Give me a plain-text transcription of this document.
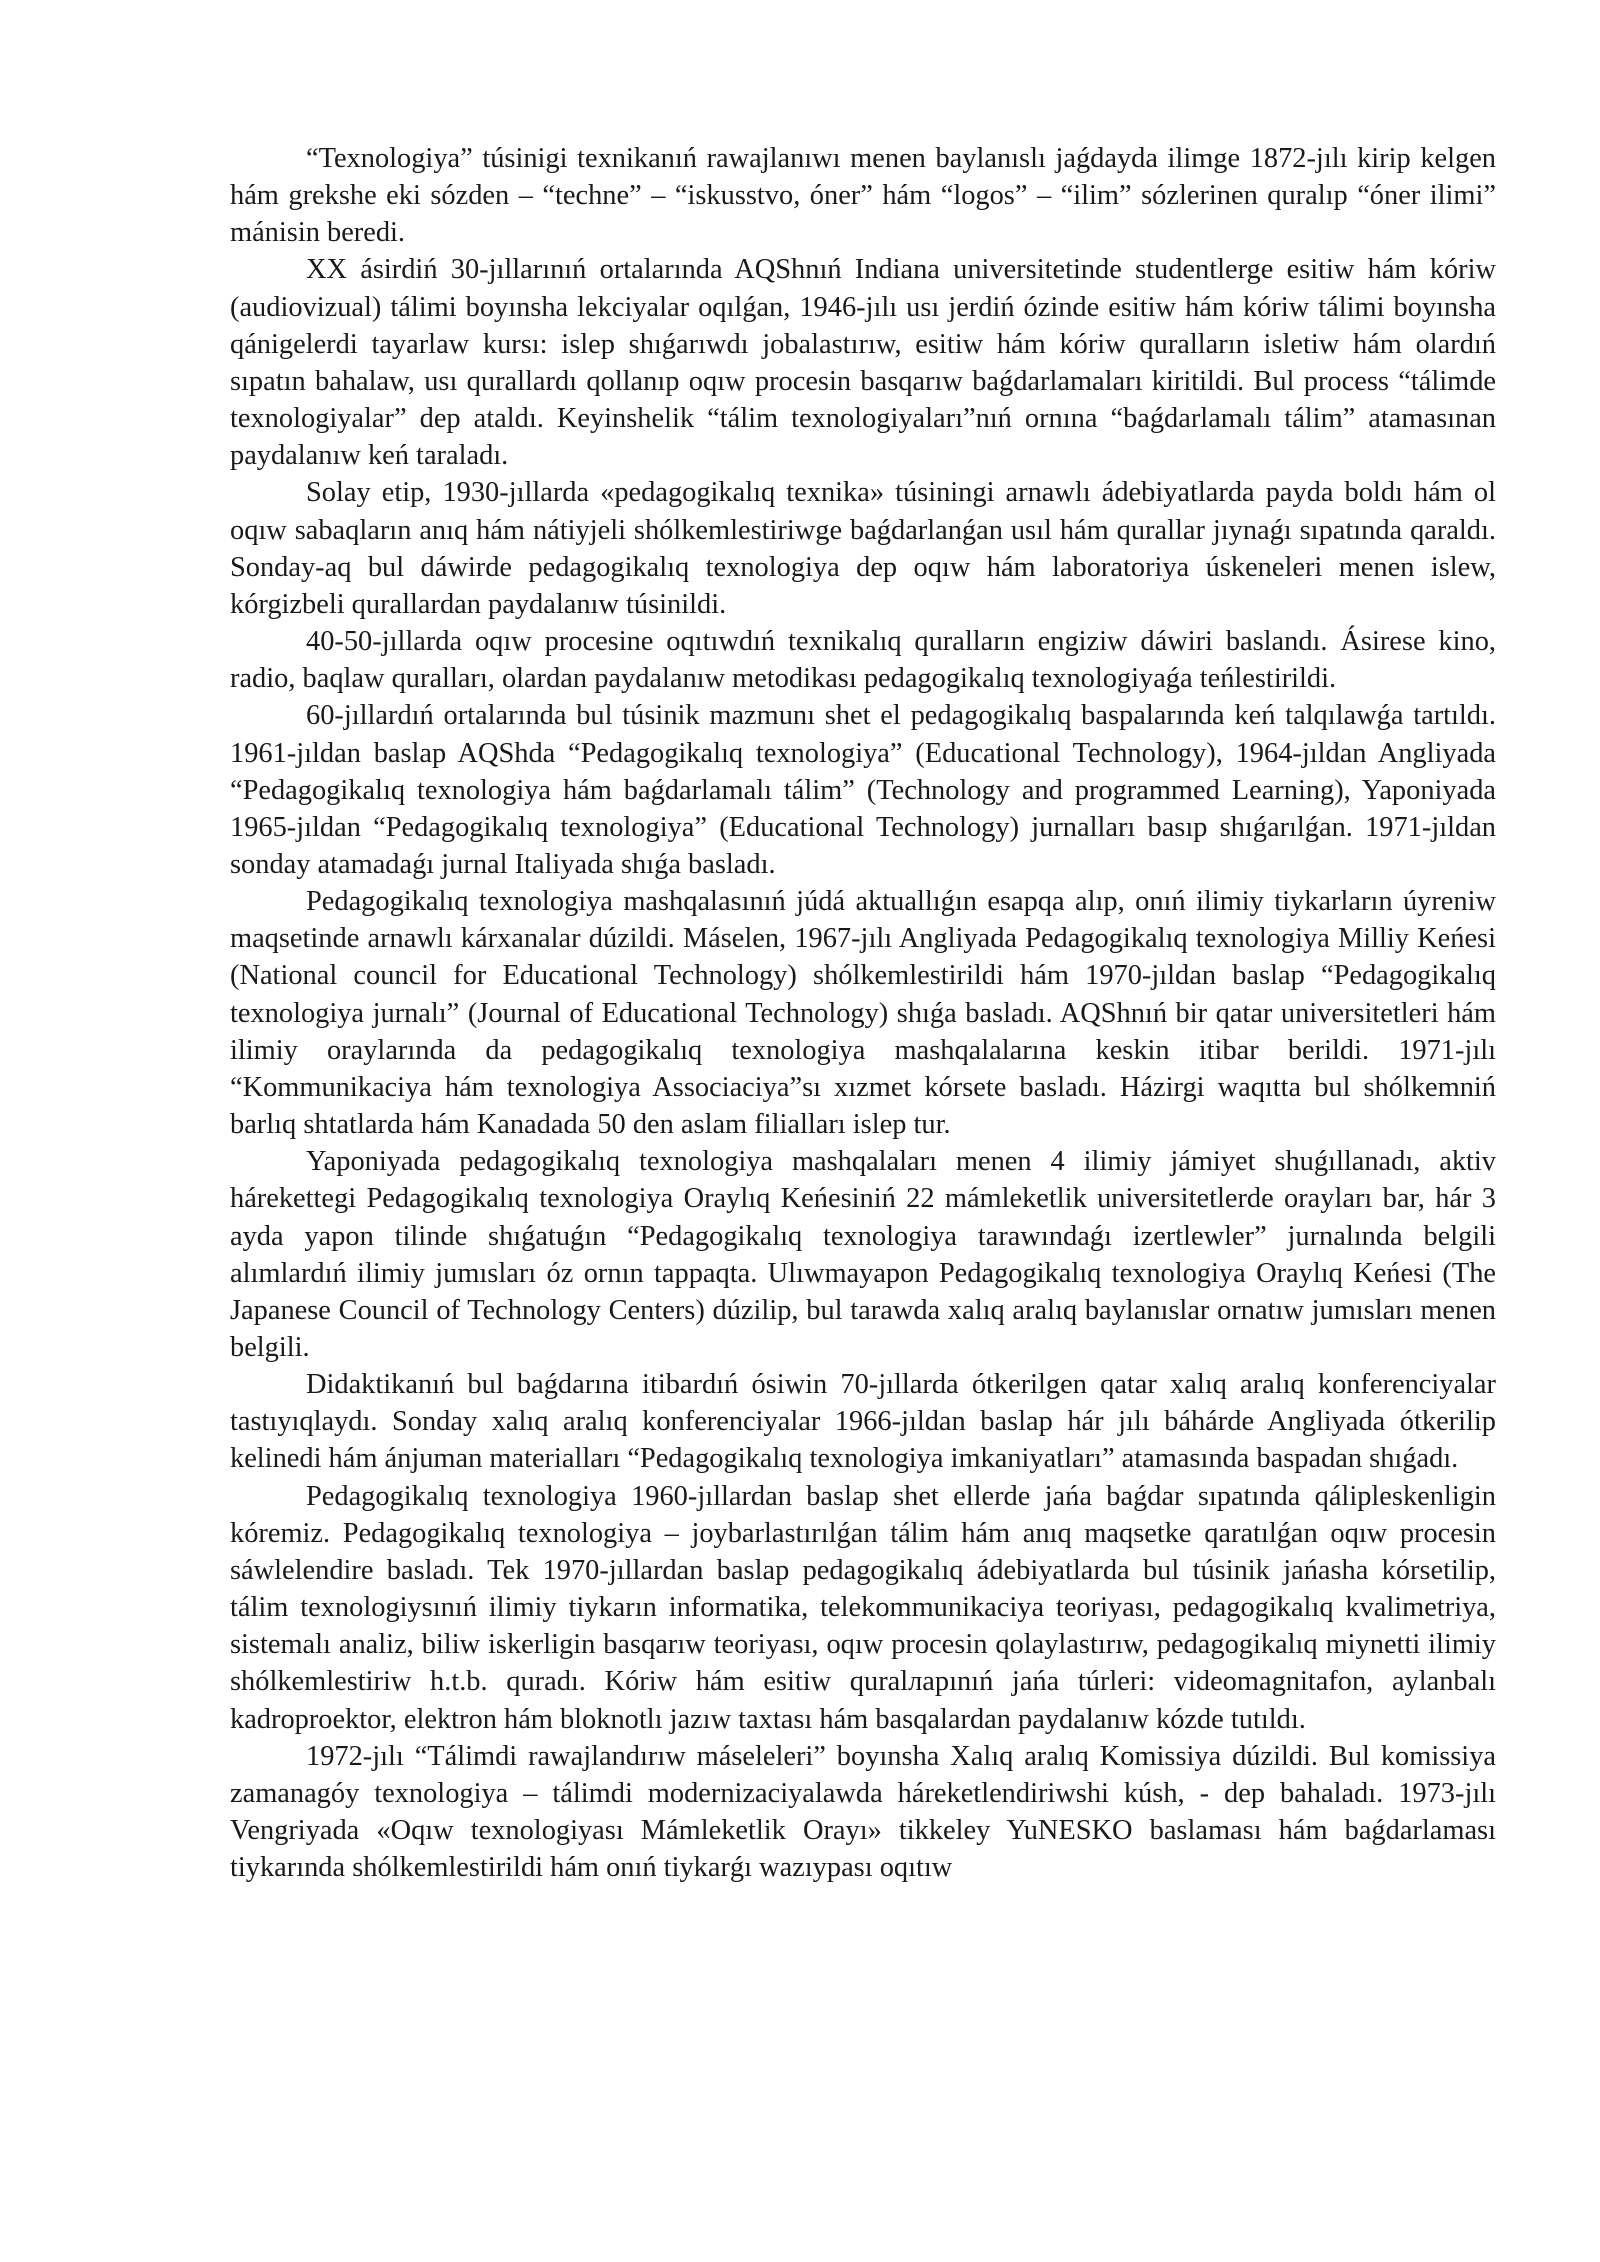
“Texnologiya” túsinigi texnikanıń rawajlanıwı menen baylanıslı jaǵdayda ilimge 1872-jılı kirip kelgen hám grekshe eki sózden – “techne” – “iskusstvo, óner” hám “logos” – “ilim” sózlerinen quralıp “óner ilimi” mánisin beredi.

XX ásirdiń 30-jıllarınıń ortalarında AQShnıń Indiana universitetinde studentlerge esitiw hám kóriw (audiovizual) tálimi boyınsha lekciyalar oqılǵan, 1946-jılı usı jerdiń ózinde esitiw hám kóriw tálimi boyınsha qánigelerdi tayarlaw kursı: islep shıǵarıwdı jobalastırıw, esitiw hám kóriw quralların isletiw hám olardıń sıpatın bahalaw, usı qurallardı qollanıp oqıw procesin basqarıw baǵdarlamaları kiritildi. Bul process “tálimde texnologiyalar” dep ataldı. Keyinshelik “tálim texnologiyaları”nıń ornına “baǵdarlamalı tálim” atamasınan paydalanıw keń taraladı.

Solay etip, 1930-jıllarda «pedagogikalıq texnika» túsiningi arnawlı ádebiyatlarda payda boldı hám ol oqıw sabaqların anıq hám nátiyjeli shólkemlestiriwge baǵdarlanǵan usıl hám qurallar jıynaǵı sıpatında qaraldı. Sonday-aq bul dáwirde pedagogikalıq texnologiya dep oqıw hám laboratoriya úskeneleri menen islew, kórgizbeli qurallardan paydalanıw túsinildi.

40-50-jıllarda oqıw procesine oqıtıwdıń texnikalıq quralların engiziw dáwiri baslandı. Ásirese kino, radio, baqlaw quralları, olardan paydalanıw metodikası pedagogikalıq texnologiyaǵa teńlestirildi.

60-jıllardıń ortalarında bul túsinik mazmunı shet el pedagogikalıq baspalarında keń talqılawǵa tartıldı. 1961-jıldan baslap AQShda “Pedagogikalıq texnologiya” (Educational Technology), 1964-jıldan Angliyada “Pedagogikalıq texnologiya hám baǵdarlamalı tálim” (Technology and programmed Learning), Yaponiyada 1965-jıldan “Pedagogikalıq texnologiya” (Educational Technology) jurnalları basıp shıǵarılǵan. 1971-jıldan sonday atamadaǵı jurnal Italiyada shıǵa basladı.

Pedagogikalıq texnologiya mashqalasınıń júdá aktuallıǵın esapqa alıp, onıń ilimiy tiykarların úyreniw maqsetinde arnawlı kárxanalar dúzildi. Máselen, 1967-jılı Angliyada Pedagogikalıq texnologiya Milliy Keńesi (National council for Educational Technology) shólkemlestirildi hám 1970-jıldan baslap “Pedagogikalıq texnologiya jurnalı” (Journal of Educational Technology) shıǵa basladı. AQShnıń bir qatar universitetleri hám ilimiy oraylarında da pedagogikalıq texnologiya mashqalalarına keskin itibar berildi. 1971-jılı “Kommunikaciya hám texnologiya Associaciya”sı xızmet kórsete basladı. Házirgi waqıtta bul shólkemniń barlıq shtatlarda hám Kanadada 50 den aslam filialları islep tur.

Yaponiyada pedagogikalıq texnologiya mashqalaları menen 4 ilimiy jámiyet shuǵıllanadı, aktiv hárekettegi Pedagogikalıq texnologiya Oraylıq Keńesiniń 22 mámleketlik universitetlerde orayları bar, hár 3 ayda yapon tilinde shıǵatuǵın “Pedagogikalıq texnologiya tarawındaǵı izertlewler” jurnalında belgili alımlardıń ilimiy jumısları óz ornın tappaqta. Ulıwmayapon Pedagogikalıq texnologiya Oraylıq Keńesi (The Japanese Council of Technology Centers) dúzilip, bul tarawda xalıq aralıq baylanıslar ornatıw jumısları menen belgili.

Didaktikanıń bul baǵdarına itibardıń ósiwin 70-jıllarda ótkerilgen qatar xalıq aralıq konferenciyalar tastıyıqlaydı. Sonday xalıq aralıq konferenciyalar 1966-jıldan baslap hár jılı báhárde Angliyada ótkerilip kelinedi hám ánjuman materialları “Pedagogikalıq texnologiya imkaniyatları” atamasında baspadan shıǵadı.

Pedagogikalıq texnologiya 1960-jıllardan baslap shet ellerde jańa baǵdar sıpatında qálipleskenligin kóremiz. Pedagogikalıq texnologiya – joybarlastırılǵan tálim hám anıq maqsetke qaratılǵan oqıw procesin sáwlelendire basladı. Tek 1970-jıllardan baslap pedagogikalıq ádebiyatlarda bul túsinik jańasha kórsetilip, tálim texnologiysınıń ilimiy tiykarın informatika, telekommunikaciya teoriyası, pedagogikalıq kvalimetriya, sistemalı analiz, biliw iskerligin basqarıw teoriyası, oqıw procesin qolaylastırıw, pedagogikalıq miynetti ilimiy shólkemlestiriw h.t.b. quradı. Kóriw hám esitiw quralларınıń jańa túrleri: videomagnitafon, aylanbalı kadroproektor, elektron hám bloknotlı jazıw taxtası hám basqalardan paydalanıw kózde tutıldı.

1972-jılı “Tálimdi rawajlandırıw máseleleri” boyınsha Xalıq aralıq Komissiya dúzildi. Bul komissiya zamanagóy texnologiya – tálimdi modernizaciyalawda háreketlendiriwshi kúsh, - dep bahaladı. 1973-jılı Vengriyada «Oqıw texnologiyası Mámleketlik Orayı» tikkeley YuNESKO baslaması hám baǵdarlaması tiykarında shólkemlestirildi hám onıń tiykarǵı wazıypası oqıtıw
